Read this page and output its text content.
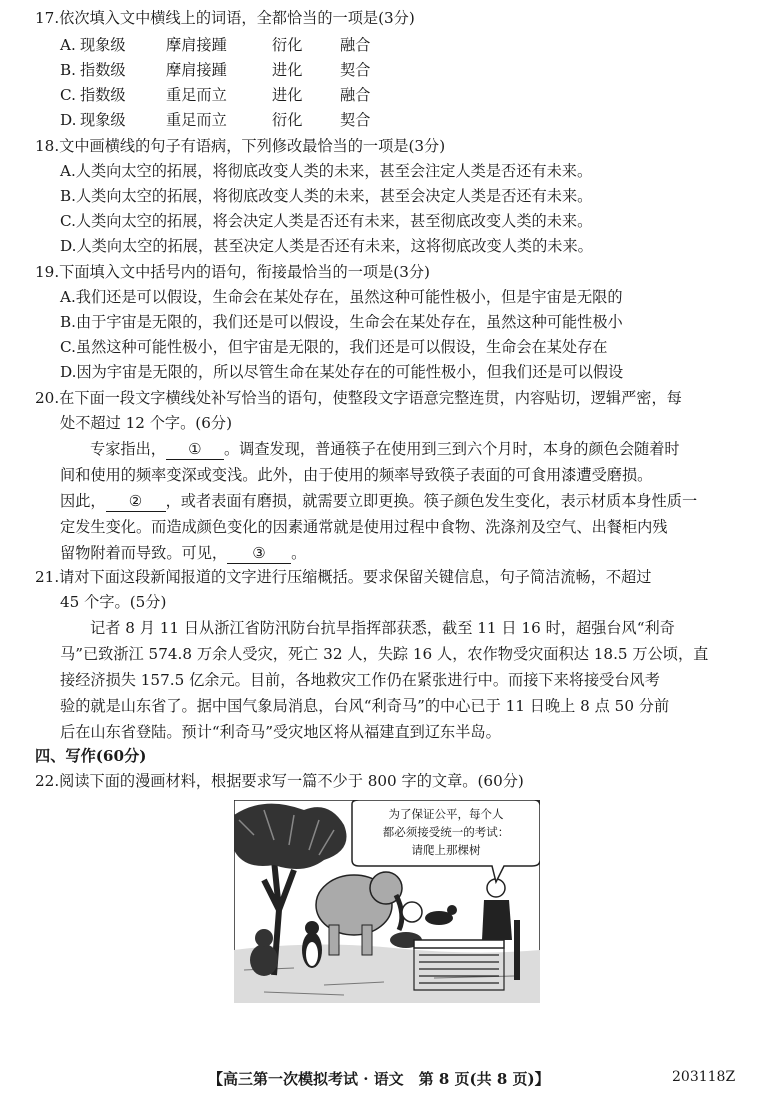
17.依次填入文中横线上的词语，全都恰当的一项是(3分)
A. 现象级	摩肩接踵	衍化 融合
B. 指数级	摩肩接踵	进化 契合
C. 指数级	重足而立	进化 融合
D. 现象级	重足而立	衍化 契合
18.文中画横线的句子有语病，下列修改最恰当的一项是(3分)
A.人类向太空的拓展，将彻底改变人类的未来，甚至会注定人类是否还有未来。
B.人类向太空的拓展，将彻底改变人类的未来，甚至会决定人类是否还有未来。
C.人类向太空的拓展，将会决定人类是否还有未来，甚至彻底改变人类的未来。
D.人类向太空的拓展，甚至决定人类是否还有未来，这将彻底改变人类的未来。
19.下面填入文中括号内的语句，衔接最恰当的一项是(3分)
A.我们还是可以假设，生命会在某处存在，虽然这种可能性极小，但是宇宙是无限的
B.由于宇宙是无限的，我们还是可以假设，生命会在某处存在，虽然这种可能性极小
C.虽然这种可能性极小，但宇宙是无限的，我们还是可以假设，生命会在某处存在
D.因为宇宙是无限的，所以尽管生命在某处存在的可能性极小，但我们还是可以假设
20.在下面一段文字横线处补写恰当的语句，使整段文字语意完整连贯，内容贴切，逻辑严密，每
处不超过 12 个字。(6分)
专家指出， ① 。调查发现，普通筷子在使用到三到六个月时，本身的颜色会随着时
间和使用的频率变深或变浅。此外，由于使用的频率导致筷子表面的可食用漆遭受磨损。
因此， ② ，或者表面有磨损，就需要立即更换。筷子颜色发生变化，表示材质本身性质一
定发生变化。而造成颜色变化的因素通常就是使用过程中食物、洗涤剂及空气、出餐柜内残
留物附着而导致。可见， ③ 。
21.请对下面这段新闻报道的文字进行压缩概括。要求保留关键信息，句子简洁流畅，不超过
45 个字。(5分)
记者 8 月 11 日从浙江省防汛防台抗旱指挥部获悉，截至 11 日 16 时，超强台风“利奇
马”已致浙江 574.8 万余人受灾，死亡 32 人，失踪 16 人，农作物受灾面积达 18.5 万公顷，直
接经济损失 157.5 亿余元。目前，各地救灾工作仍在紧张进行中。而接下来将接受台风考
验的就是山东省了。据中国气象局消息，台风“利奇马”的中心已于 11 日晚上 8 点 50 分前
后在山东省登陆。预计“利奇马”受灾地区将从福建直到辽东半岛。
四、写作(60分)
22.阅读下面的漫画材料，根据要求写一篇不少于 800 字的文章。(60分)
为了保证公平，每个人
都必须接受统一的考试：
请爬上那棵树
【高三第一次模拟考试 · 语文　第 8 页(共 8 页)】	203118Z
